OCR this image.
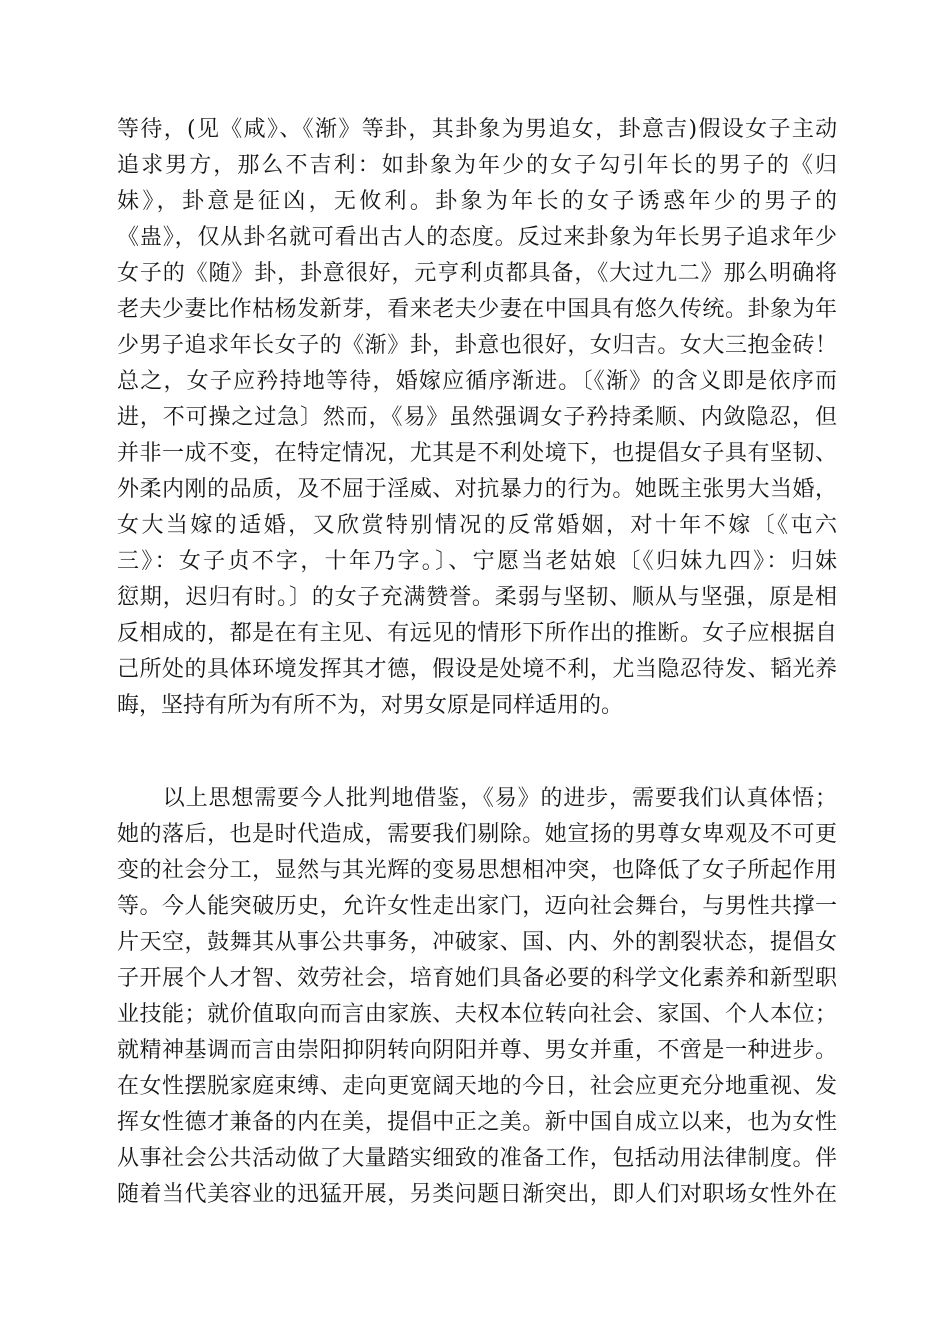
等待，(见《咸》、《渐》等卦，其卦象为男追女，卦意吉)假设女子主动
追求男方，那么不吉利：如卦象为年少的女子勾引年长的男子的《归
妹》，卦意是征凶，无攸利。卦象为年长的女子诱惑年少的男子的
《蛊》，仅从卦名就可看出古人的态度。反过来卦象为年长男子追求年少
女子的《随》卦，卦意很好，元亨利贞都具备，《大过九二》那么明确将
老夫少妻比作枯杨发新芽，看来老夫少妻在中国具有悠久传统。卦象为年
少男子追求年长女子的《渐》卦，卦意也很好，女归吉。女大三抱金砖！
总之，女子应矜持地等待，婚嫁应循序渐进。〔《渐》的含义即是依序而
进，不可操之过急〕然而，《易》虽然强调女子矜持柔顺、内敛隐忍，但
并非一成不变，在特定情况，尤其是不利处境下，也提倡女子具有坚韧、
外柔内刚的品质，及不屈于淫威、对抗暴力的行为。她既主张男大当婚，
女大当嫁的适婚，又欣赏特别情况的反常婚姻，对十年不嫁〔《屯六
三》：女子贞不字，十年乃字。〕、宁愿当老姑娘〔《归妹九四》：归妹
愆期，迟归有时。〕的女子充满赞誉。柔弱与坚韧、顺从与坚强，原是相
反相成的，都是在有主见、有远见的情形下所作出的推断。女子应根据自
己所处的具体环境发挥其才德，假设是处境不利，尤当隐忍待发、韬光养
晦，坚持有所为有所不为，对男女原是同样适用的。
　　以上思想需要今人批判地借鉴，《易》的进步，需要我们认真体悟；
她的落后，也是时代造成，需要我们剔除。她宣扬的男尊女卑观及不可更
变的社会分工，显然与其光辉的变易思想相冲突，也降低了女子所起作用
等。今人能突破历史，允许女性走出家门，迈向社会舞台，与男性共撑一
片天空，鼓舞其从事公共事务，冲破家、国、内、外的割裂状态，提倡女
子开展个人才智、效劳社会，培育她们具备必要的科学文化素养和新型职
业技能；就价值取向而言由家族、夫权本位转向社会、家国、个人本位；
就精神基调而言由崇阳抑阴转向阴阳并尊、男女并重，不啻是一种进步。
在女性摆脱家庭束缚、走向更宽阔天地的今日，社会应更充分地重视、发
挥女性德才兼备的内在美，提倡中正之美。新中国自成立以来，也为女性
从事社会公共活动做了大量踏实细致的准备工作，包括动用法律制度。伴
随着当代美容业的迅猛开展，另类问题日渐突出，即人们对职场女性外在
